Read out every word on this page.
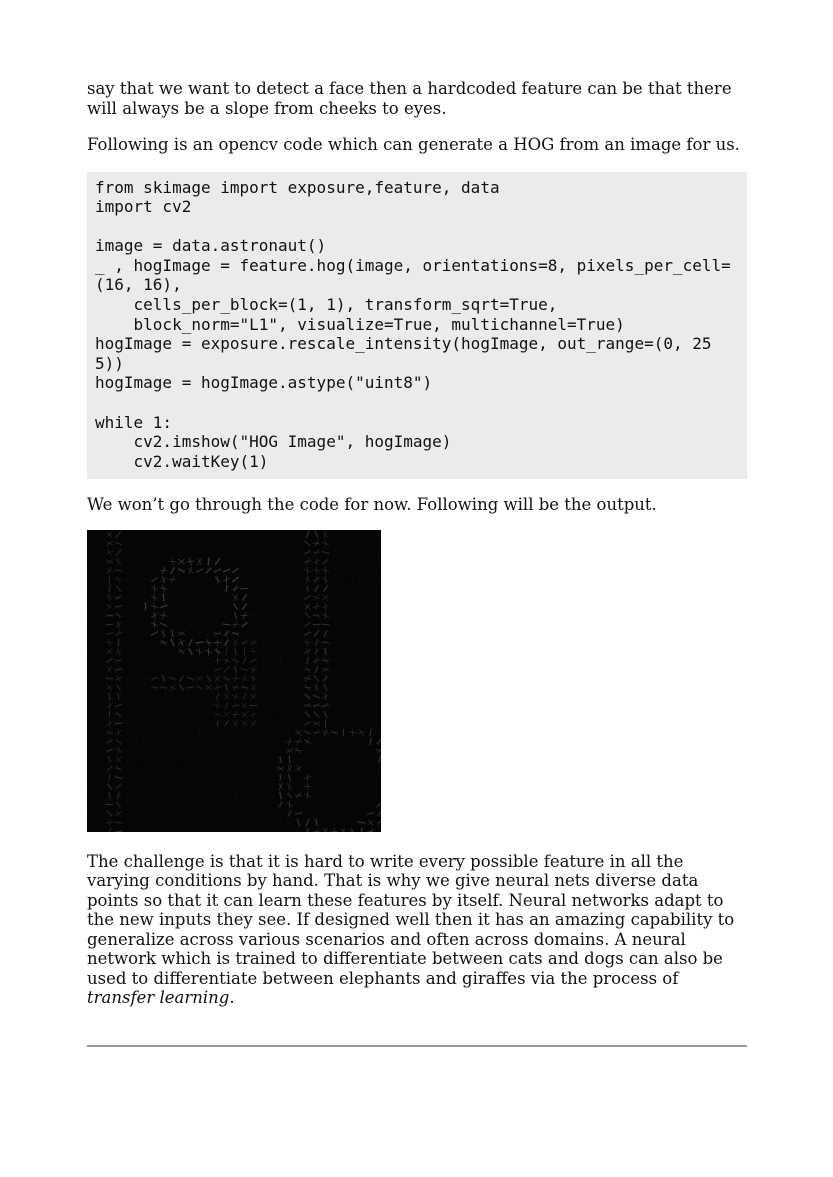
say that we want to detect a face then a hardcoded feature can be that there will always be a slope from cheeks to eyes.

Following is an opencv code which can generate a HOG from an image for us.

from skimage import exposure,feature, data
import cv2

image = data.astronaut()
_ , hogImage = feature.hog(image, orientations=8, pixels_per_cell=(16, 16),
cells_per_block=(1, 1), transform_sqrt=True,
block_norm="L1", visualize=True, multichannel=True)
hogImage = exposure.rescale_intensity(hogImage, out_range=(0, 255))
hogImage = hogImage.astype("uint8")

while 1:
cv2.imshow("HOG Image", hogImage)
cv2.waitKey(1)

We won’t go through the code for now. Following will be the output.

The challenge is that it is hard to write every possible feature in all the varying conditions by hand. That is why we give neural nets diverse data points so that it can learn these features by itself. Neural networks adapt to the new inputs they see. If designed well then it has an amazing capability to generalize across various scenarios and often across domains. A neural network which is trained to differentiate between cats and dogs can also be used to differentiate between elephants and giraffes via the process of transfer learning.
